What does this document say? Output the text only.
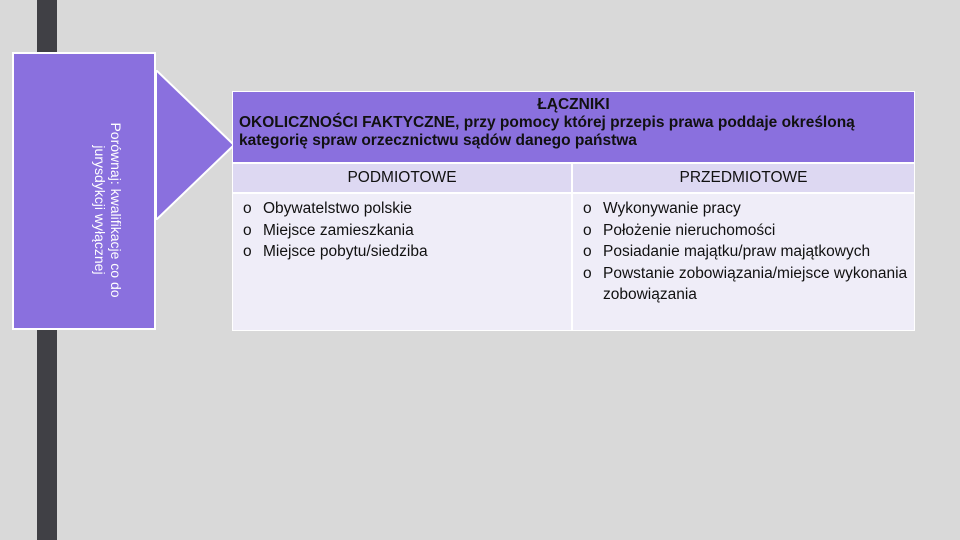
Porównaj: kwalifikacje co do jurysdykcji wyłącznej
ŁĄCZNIKI
OKOLICZNOŚCI FAKTYCZNE, przy pomocy której przepis prawa poddaje określoną kategorię spraw orzecznictwu sądów danego państwa
PODMIOTOWE	PRZEDMIOTOWE
o Obywatelstwo polskie
o Miejsce zamieszkania
o Miejsce pobytu/siedziba
o Wykonywanie pracy
o Położenie nieruchomości
o Posiadanie majątku/praw majątkowych
o Powstanie zobowiązania/miejsce wykonania zobowiązania
